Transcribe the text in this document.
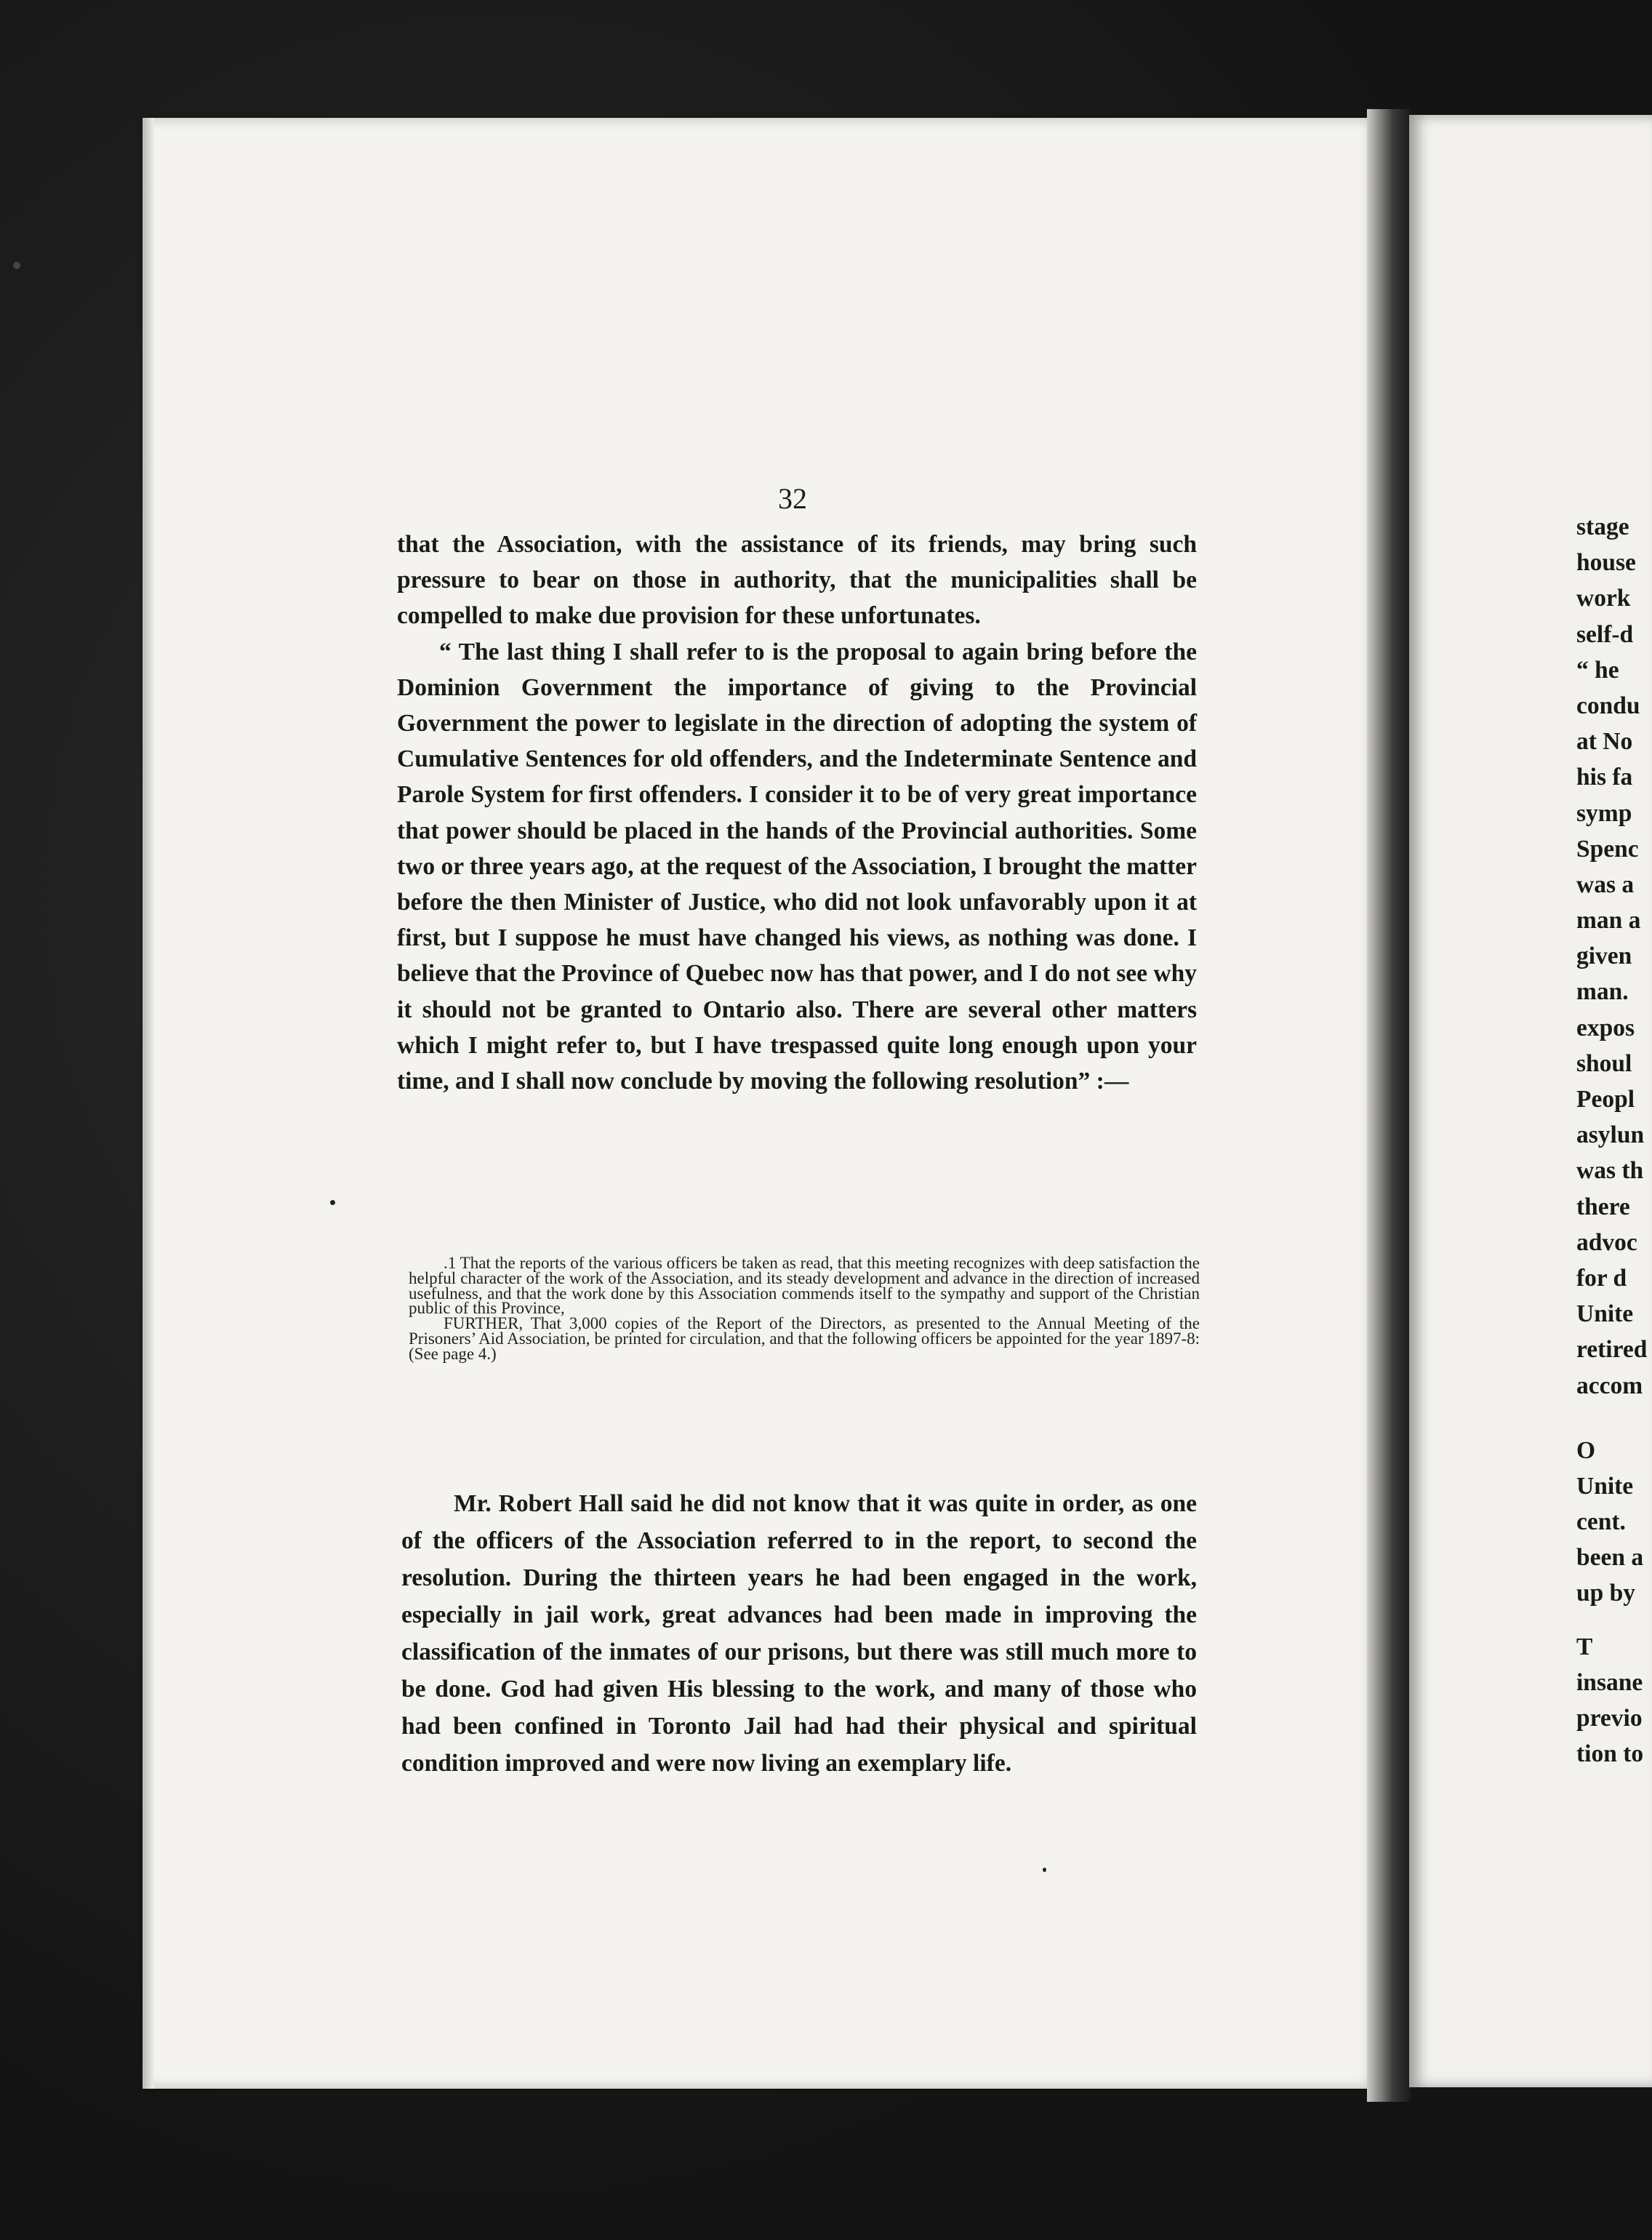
32

that the Association, with the assistance of its friends, may bring such pressure to bear on those in authority, that the municipalities shall be compelled to make due provision for these unfortunates.

“ The last thing I shall refer to is the proposal to again bring before the Dominion Government the importance of giving to the Provincial Government the power to legislate in the direction of adopting the system of Cumulative Sentences for old offenders, and the Indeterminate Sentence and Parole System for first offenders. I consider it to be of very great importance that power should be placed in the hands of the Provincial authorities. Some two or three years ago, at the request of the Association, I brought the matter before the then Minister of Justice, who did not look unfavorably upon it at first, but I suppose he must have changed his views, as nothing was done. I believe that the Province of Quebec now has that power, and I do not see why it should not be granted to Ontario also. There are several other matters which I might refer to, but I have trespassed quite long enough upon your time, and I shall now conclude by moving the following resolution” :—

.1 That the reports of the various officers be taken as read, that this meeting recognizes with deep satisfaction the helpful character of the work of the Association, and its steady development and advance in the direction of increased usefulness, and that the work done by this Association commends itself to the sympathy and support of the Christian public of this Province,

FURTHER, That 3,000 copies of the Report of the Directors, as presented to the Annual Meeting of the Prisoners’ Aid Association, be printed for circulation, and that the following officers be appointed for the year 1897-8: (See page 4.)

Mr. Robert Hall said he did not know that it was quite in order, as one of the officers of the Association referred to in the report, to second the resolution. During the thirteen years he had been engaged in the work, especially in jail work, great advances had been made in improving the classification of the inmates of our prisons, but there was still much more to be done. God had given His blessing to the work, and many of those who had been confined in Toronto Jail had had their physical and spiritual condition improved and were now living an exemplary life.

stage
house
work
self-d
“ he
condu
at No
his fa
symp
Spenc
was a
man a
given
man.
expos
shoul
Peopl
asylun
was th
there
advoc
for d
Unite
retired
accom
O
Unite
cent.
been a
up by
T
insane
previo
tion to
